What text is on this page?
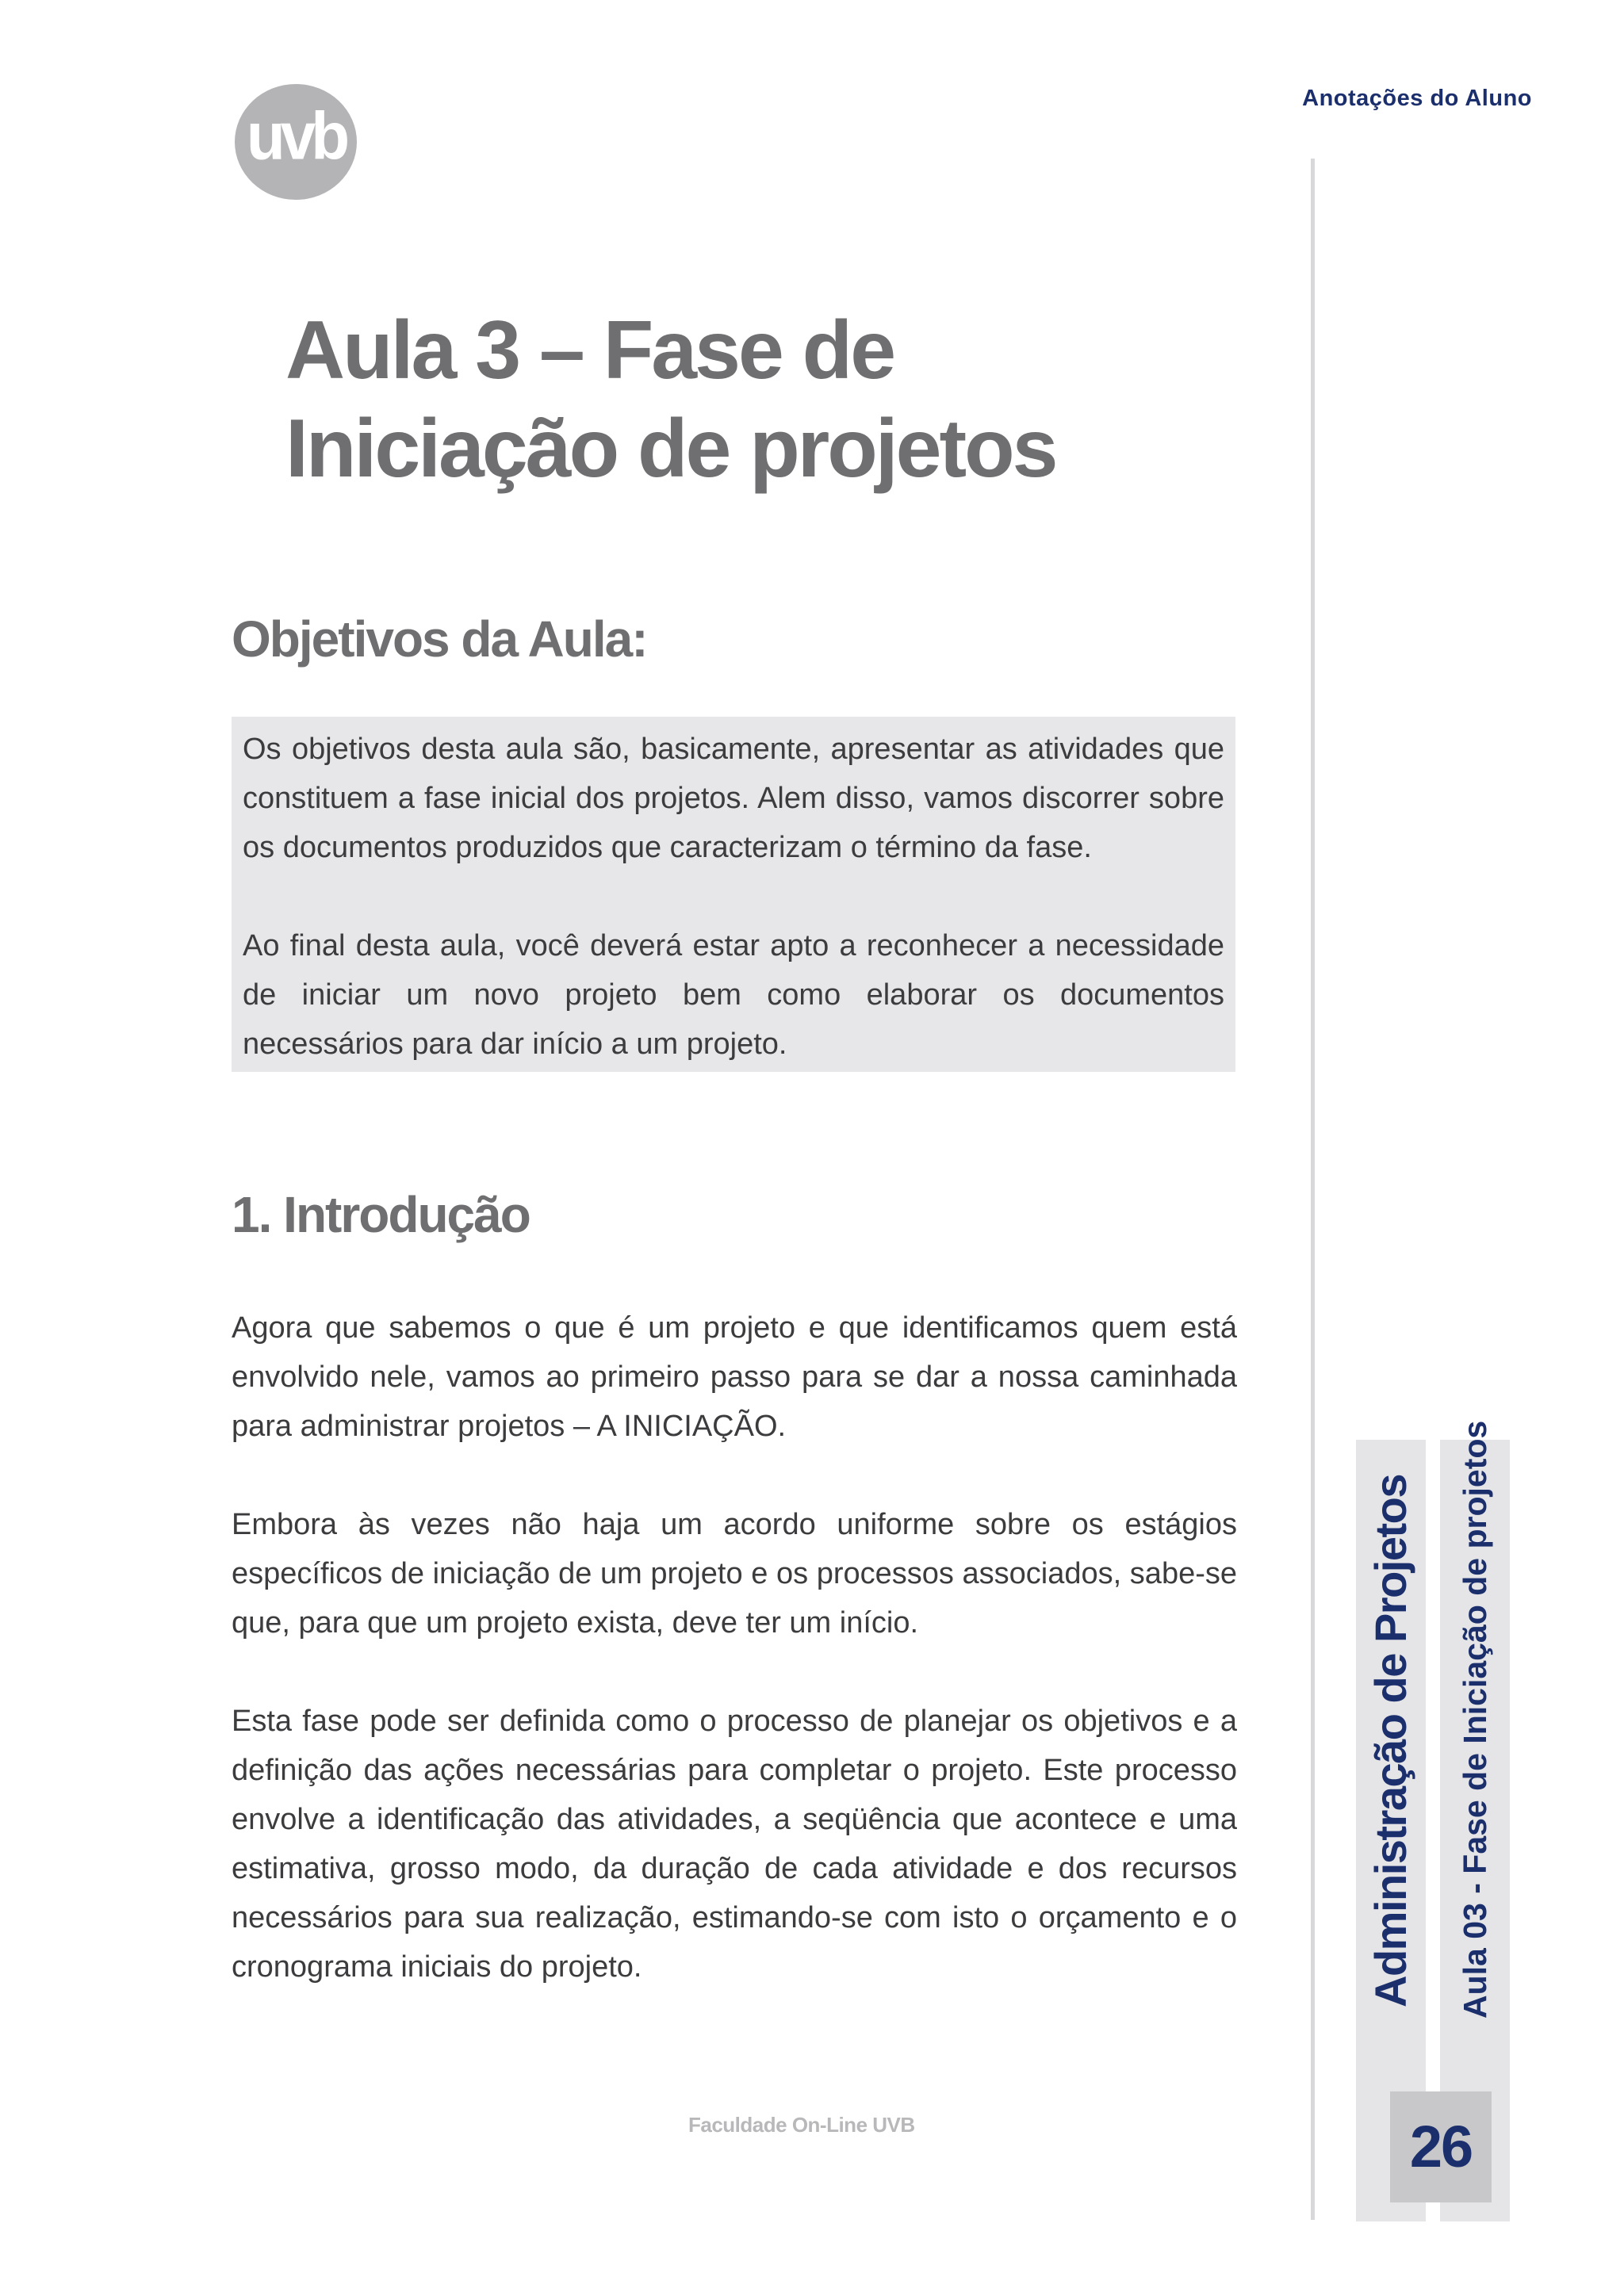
uvb
Anotações do Aluno
Aula 3 – Fase de Iniciação de projetos
Objetivos da Aula:

Os objetivos desta aula são, basicamente, apresentar as atividades que constituem a fase inicial dos projetos. Alem disso, vamos discorrer sobre os documentos produzidos que caracterizam o término da fase.

Ao final desta aula, você deverá estar apto a reconhecer a necessidade de iniciar um novo projeto bem como elaborar os documentos necessários para dar início a um projeto.

1. Introdução

Agora que sabemos o que é um projeto e que identificamos quem está envolvido nele, vamos ao primeiro passo para se dar a nossa caminhada para administrar projetos – A INICIAÇÃO.

Embora às vezes não haja um acordo uniforme sobre os estágios específicos de iniciação de um projeto e os processos associados, sabe-se que, para que um projeto exista, deve ter um início.

Esta fase pode ser definida como o processo de planejar os objetivos e a definição das ações necessárias para completar o projeto. Este processo envolve a identificação das atividades, a seqüência que acontece e uma estimativa, grosso modo, da duração de cada atividade e dos recursos necessários para sua realização, estimando-se com isto o orçamento e o cronograma iniciais do projeto.

Faculdade On-Line UVB
Administração de Projetos Aula 03 - Fase de Iniciação de projetos
26
